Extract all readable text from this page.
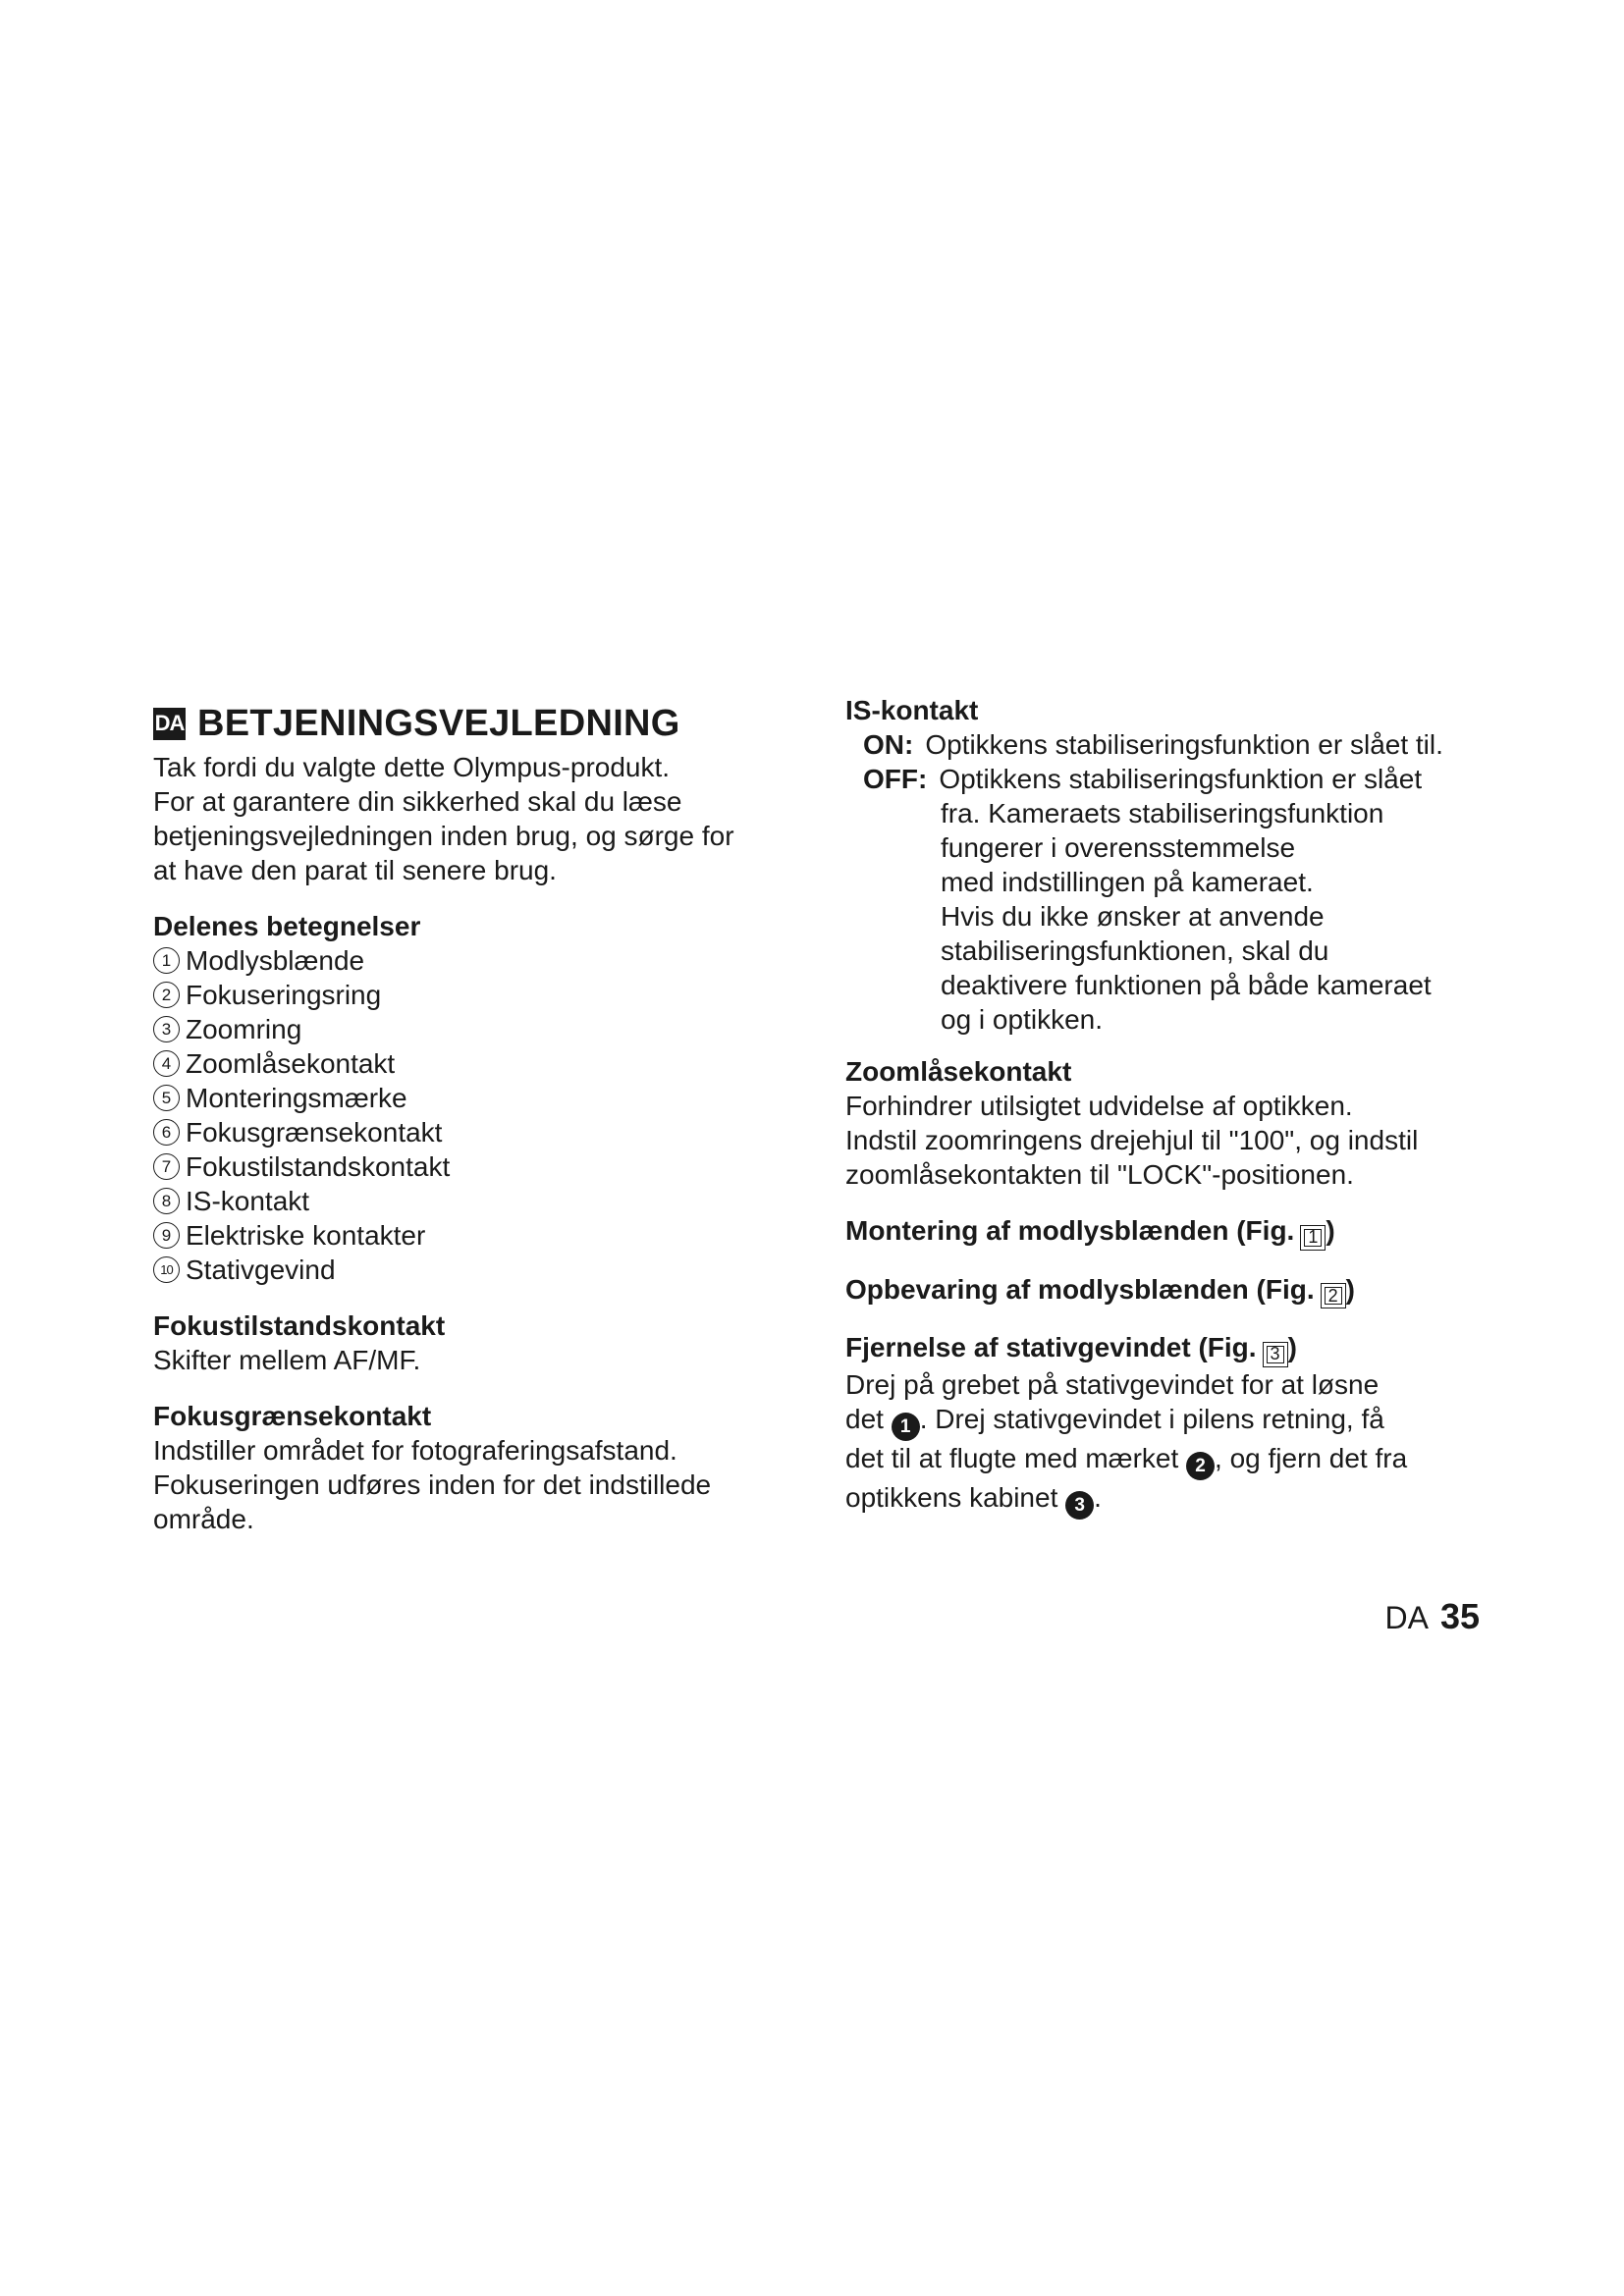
DA BETJENINGSVEJLEDNING

Tak fordi du valgte dette Olympus-produkt.

For at garantere din sikkerhed skal du læse

betjeningsvejledningen inden brug, og sørge for

at have den parat til senere brug.

Delenes betegnelser

1 Modlysblænde
2 Fokuseringsring
3 Zoomring
4 Zoomlåsekontakt
5 Monteringsmærke
6 Fokusgrænsekontakt
7 Fokustilstandskontakt
8 IS-kontakt
9 Elektriske kontakter
10 Stativgevind

Fokustilstandskontakt

Skifter mellem AF/MF.

Fokusgrænsekontakt

Indstiller området for fotograferingsafstand.

Fokuseringen udføres inden for det indstillede

område.

IS-kontakt

ON: Optikkens stabiliseringsfunktion er slået til.
OFF: Optikkens stabiliseringsfunktion er slået

fra. Kameraets stabiliseringsfunktion

fungerer i overensstemmelse

med indstillingen på kameraet.

Hvis du ikke ønsker at anvende

stabiliseringsfunktionen, skal du

deaktivere funktionen på både kameraet

og i optikken.

Zoomlåsekontakt

Forhindrer utilsigtet udvidelse af optikken.

Indstil zoomringens drejehjul til "100", og indstil

zoomlåsekontakten til "LOCK"-positionen.

Montering af modlysblænden (Fig. 1 )

Opbevaring af modlysblænden (Fig. 2 )

Fjernelse af stativgevindet (Fig. 3 )

Drej på grebet på stativgevindet for at løsne

det 1 . Drej stativgevindet i pilens retning, få

det til at flugte med mærket 2 , og fjern det fra

optikkens kabinet 3 .

DA 35
